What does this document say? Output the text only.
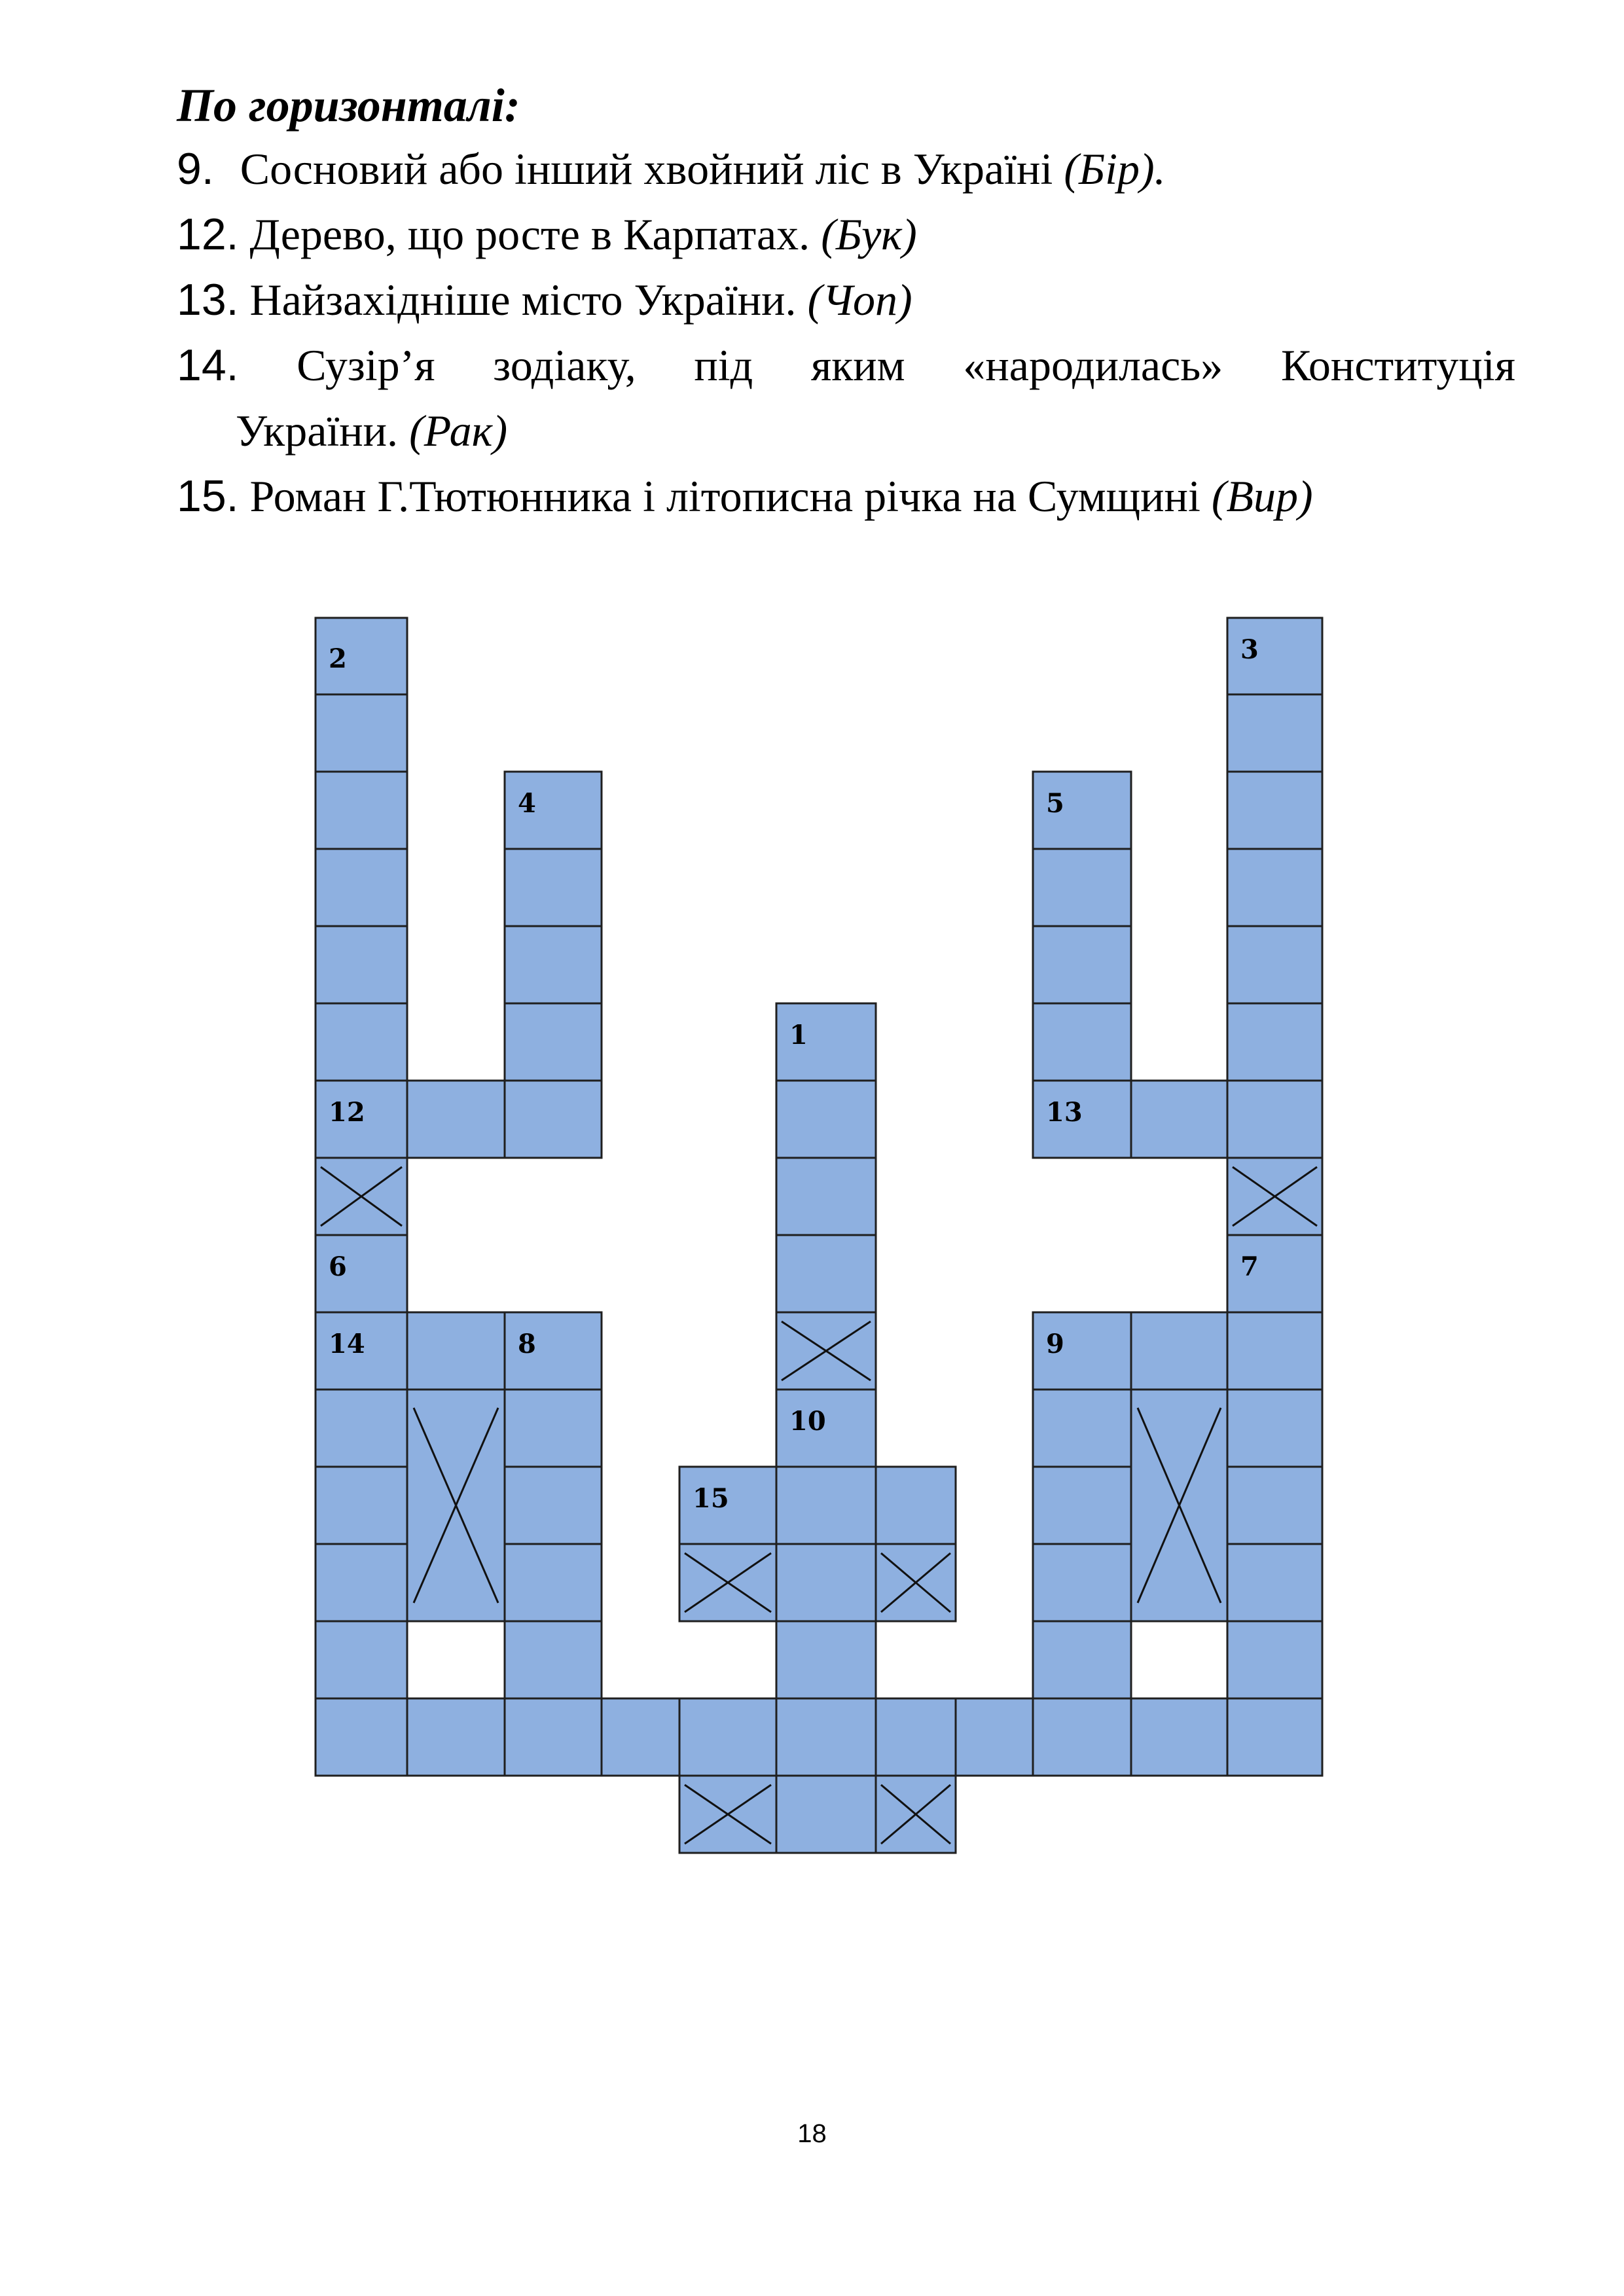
По горизонталі:
9. Сосновий або інший хвойний ліс в Україні (Бір).
12. Дерево, що росте в Карпатах. (Бук)
13. Найзахідніше місто України. (Чоп)
14. Сузір’я зодіаку, під яким «народилась» Конституція
України. (Рак)
15. Роман Г.Тютюнника і літописна річка на Сумщині (Вир)
2	3
4	5
1
12	13
6	7
14	8	9
10
15
18
